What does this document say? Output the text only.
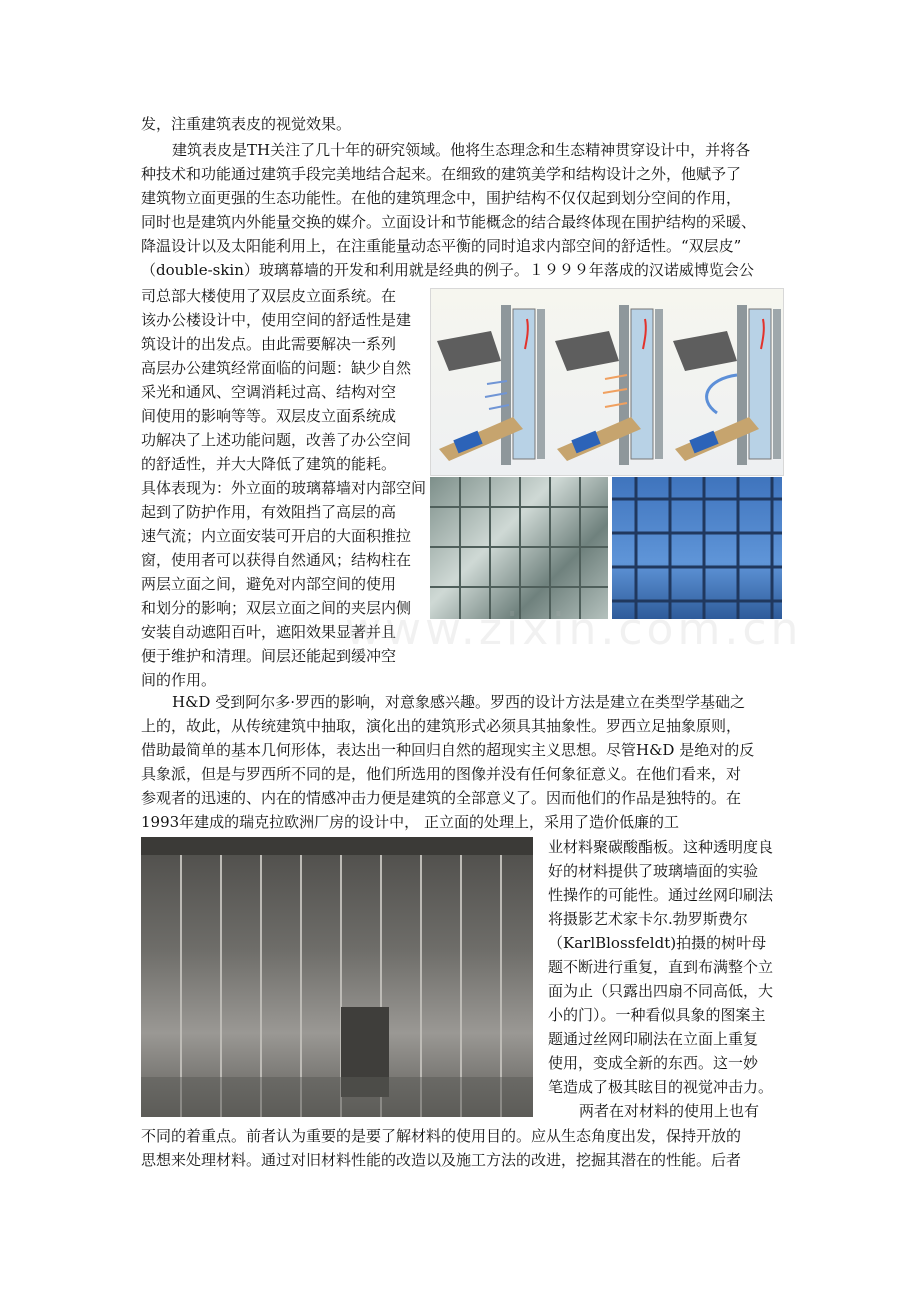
发，注重建筑表皮的视觉效果。
建筑表皮是TH关注了几十年的研究领域。他将生态理念和生态精神贯穿设计中，并将各
种技术和功能通过建筑手段完美地结合起来。在细致的建筑美学和结构设计之外，他赋予了
建筑物立面更强的生态功能性。在他的建筑理念中，围护结构不仅仅起到划分空间的作用，
同时也是建筑内外能量交换的媒介。立面设计和节能概念的结合最终体现在围护结构的采暖、
降温设计以及太阳能利用上，在注重能量动态平衡的同时追求内部空间的舒适性。“双层皮”
（double-skin）玻璃幕墙的开发和利用就是经典的例子。１９９９年落成的汉诺威博览会公
司总部大楼使用了双层皮立面系统。在
该办公楼设计中，使用空间的舒适性是建
筑设计的出发点。由此需要解决一系列
高层办公建筑经常面临的问题：缺少自然
采光和通风、空调消耗过高、结构对空
间使用的影响等等。双层皮立面系统成
功解决了上述功能问题，改善了办公空间
的舒适性，并大大降低了建筑的能耗。
具体表现为：外立面的玻璃幕墙对内部空间
起到了防护作用，有效阻挡了高层的高
速气流；内立面安装可开启的大面积推拉
窗，使用者可以获得自然通风；结构柱在
两层立面之间，避免对内部空间的使用
和划分的影响；双层立面之间的夹层内侧
安装自动遮阳百叶，遮阳效果显著并且
便于维护和清理。间层还能起到缓冲空
间的作用。
www.zixin.com.cn
H&D 受到阿尔多·罗西的影响，对意象感兴趣。罗西的设计方法是建立在类型学基础之
上的，故此，从传统建筑中抽取，演化出的建筑形式必须具其抽象性。罗西立足抽象原则，
借助最简单的基本几何形体，表达出一种回归自然的超现实主义思想。尽管H&D 是绝对的反
具象派，但是与罗西所不同的是，他们所选用的图像并没有任何象征意义。在他们看来，对
参观者的迅速的、内在的情感冲击力便是建筑的全部意义了。因而他们的作品是独特的。在
1993年建成的瑞克拉欧洲厂房的设计中， 正立面的处理上，采用了造价低廉的工
业材料聚碳酸酯板。这种透明度良
好的材料提供了玻璃墙面的实验
性操作的可能性。通过丝网印刷法
将摄影艺术家卡尔.勃罗斯费尔
（KarlBlossfeldt)拍摄的树叶母
题不断进行重复，直到布满整个立
面为止（只露出四扇不同高低，大
小的门）。一种看似具象的图案主
题通过丝网印刷法在立面上重复
使用，变成全新的东西。这一妙
笔造成了极其眩目的视觉冲击力。
两者在对材料的使用上也有
不同的着重点。前者认为重要的是要了解材料的使用目的。应从生态角度出发，保持开放的
思想来处理材料。通过对旧材料性能的改造以及施工方法的改进，挖掘其潜在的性能。后者
